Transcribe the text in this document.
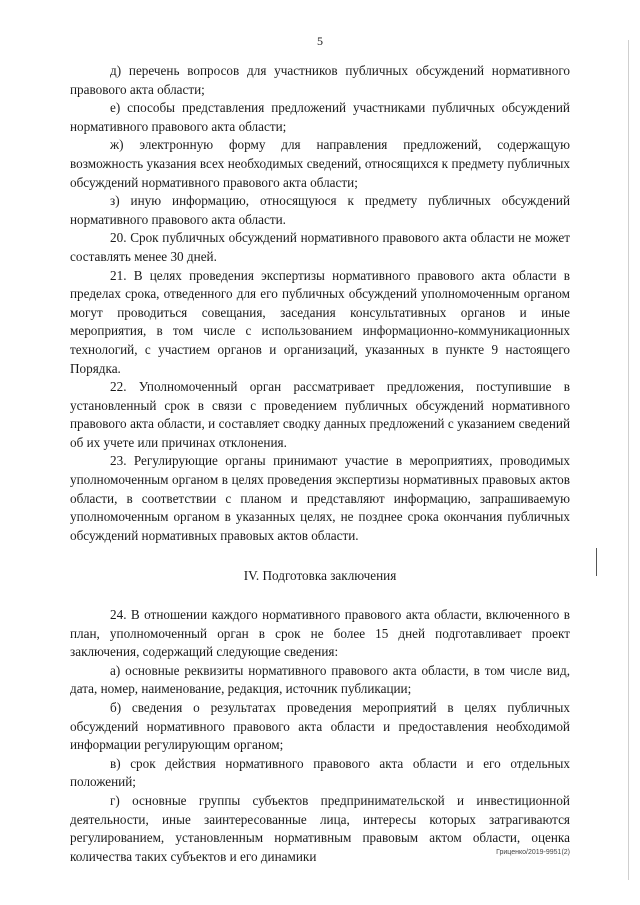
5

д) перечень вопросов для участников публичных обсуждений нормативного правового акта области;

е) способы представления предложений участниками публичных обсуждений нормативного правового акта области;

ж) электронную форму для направления предложений, содержащую возможность указания всех необходимых сведений, относящихся к предмету публичных обсуждений нормативного правового акта области;

з) иную информацию, относящуюся к предмету публичных обсуждений нормативного правового акта области.

20. Срок публичных обсуждений нормативного правового акта области не может составлять менее 30 дней.

21. В целях проведения экспертизы нормативного правового акта области в пределах срока, отведенного для его публичных обсуждений уполномоченным органом могут проводиться совещания, заседания консультативных органов и иные мероприятия, в том числе с использованием информационно-коммуникационных технологий, с участием органов и организаций, указанных в пункте 9 настоящего Порядка.

22. Уполномоченный орган рассматривает предложения, поступившие в установленный срок в связи с проведением публичных обсуждений нормативного правового акта области, и составляет сводку данных предложений с указанием сведений об их учете или причинах отклонения.

23. Регулирующие органы принимают участие в мероприятиях, проводимых уполномоченным органом в целях проведения экспертизы нормативных правовых актов области, в соответствии с планом и представляют информацию, запрашиваемую уполномоченным органом в указанных целях, не позднее срока окончания публичных обсуждений нормативных правовых актов области.

IV. Подготовка заключения

24. В отношении каждого нормативного правового акта области, включенного в план, уполномоченный орган в срок не более 15 дней подготавливает проект заключения, содержащий следующие сведения:

а) основные реквизиты нормативного правового акта области, в том числе вид, дата, номер, наименование, редакция, источник публикации;

б) сведения о результатах проведения мероприятий в целях публичных обсуждений нормативного правового акта области и предоставления необходимой информации регулирующим органом;

в) срок действия нормативного правового акта области и его отдельных положений;

г) основные группы субъектов предпринимательской и инвестиционной деятельности, иные заинтересованные лица, интересы которых затрагиваются регулированием, установленным нормативным правовым актом области, оценка количества таких субъектов и его динамики	Гриценко/2019-9951(2)
